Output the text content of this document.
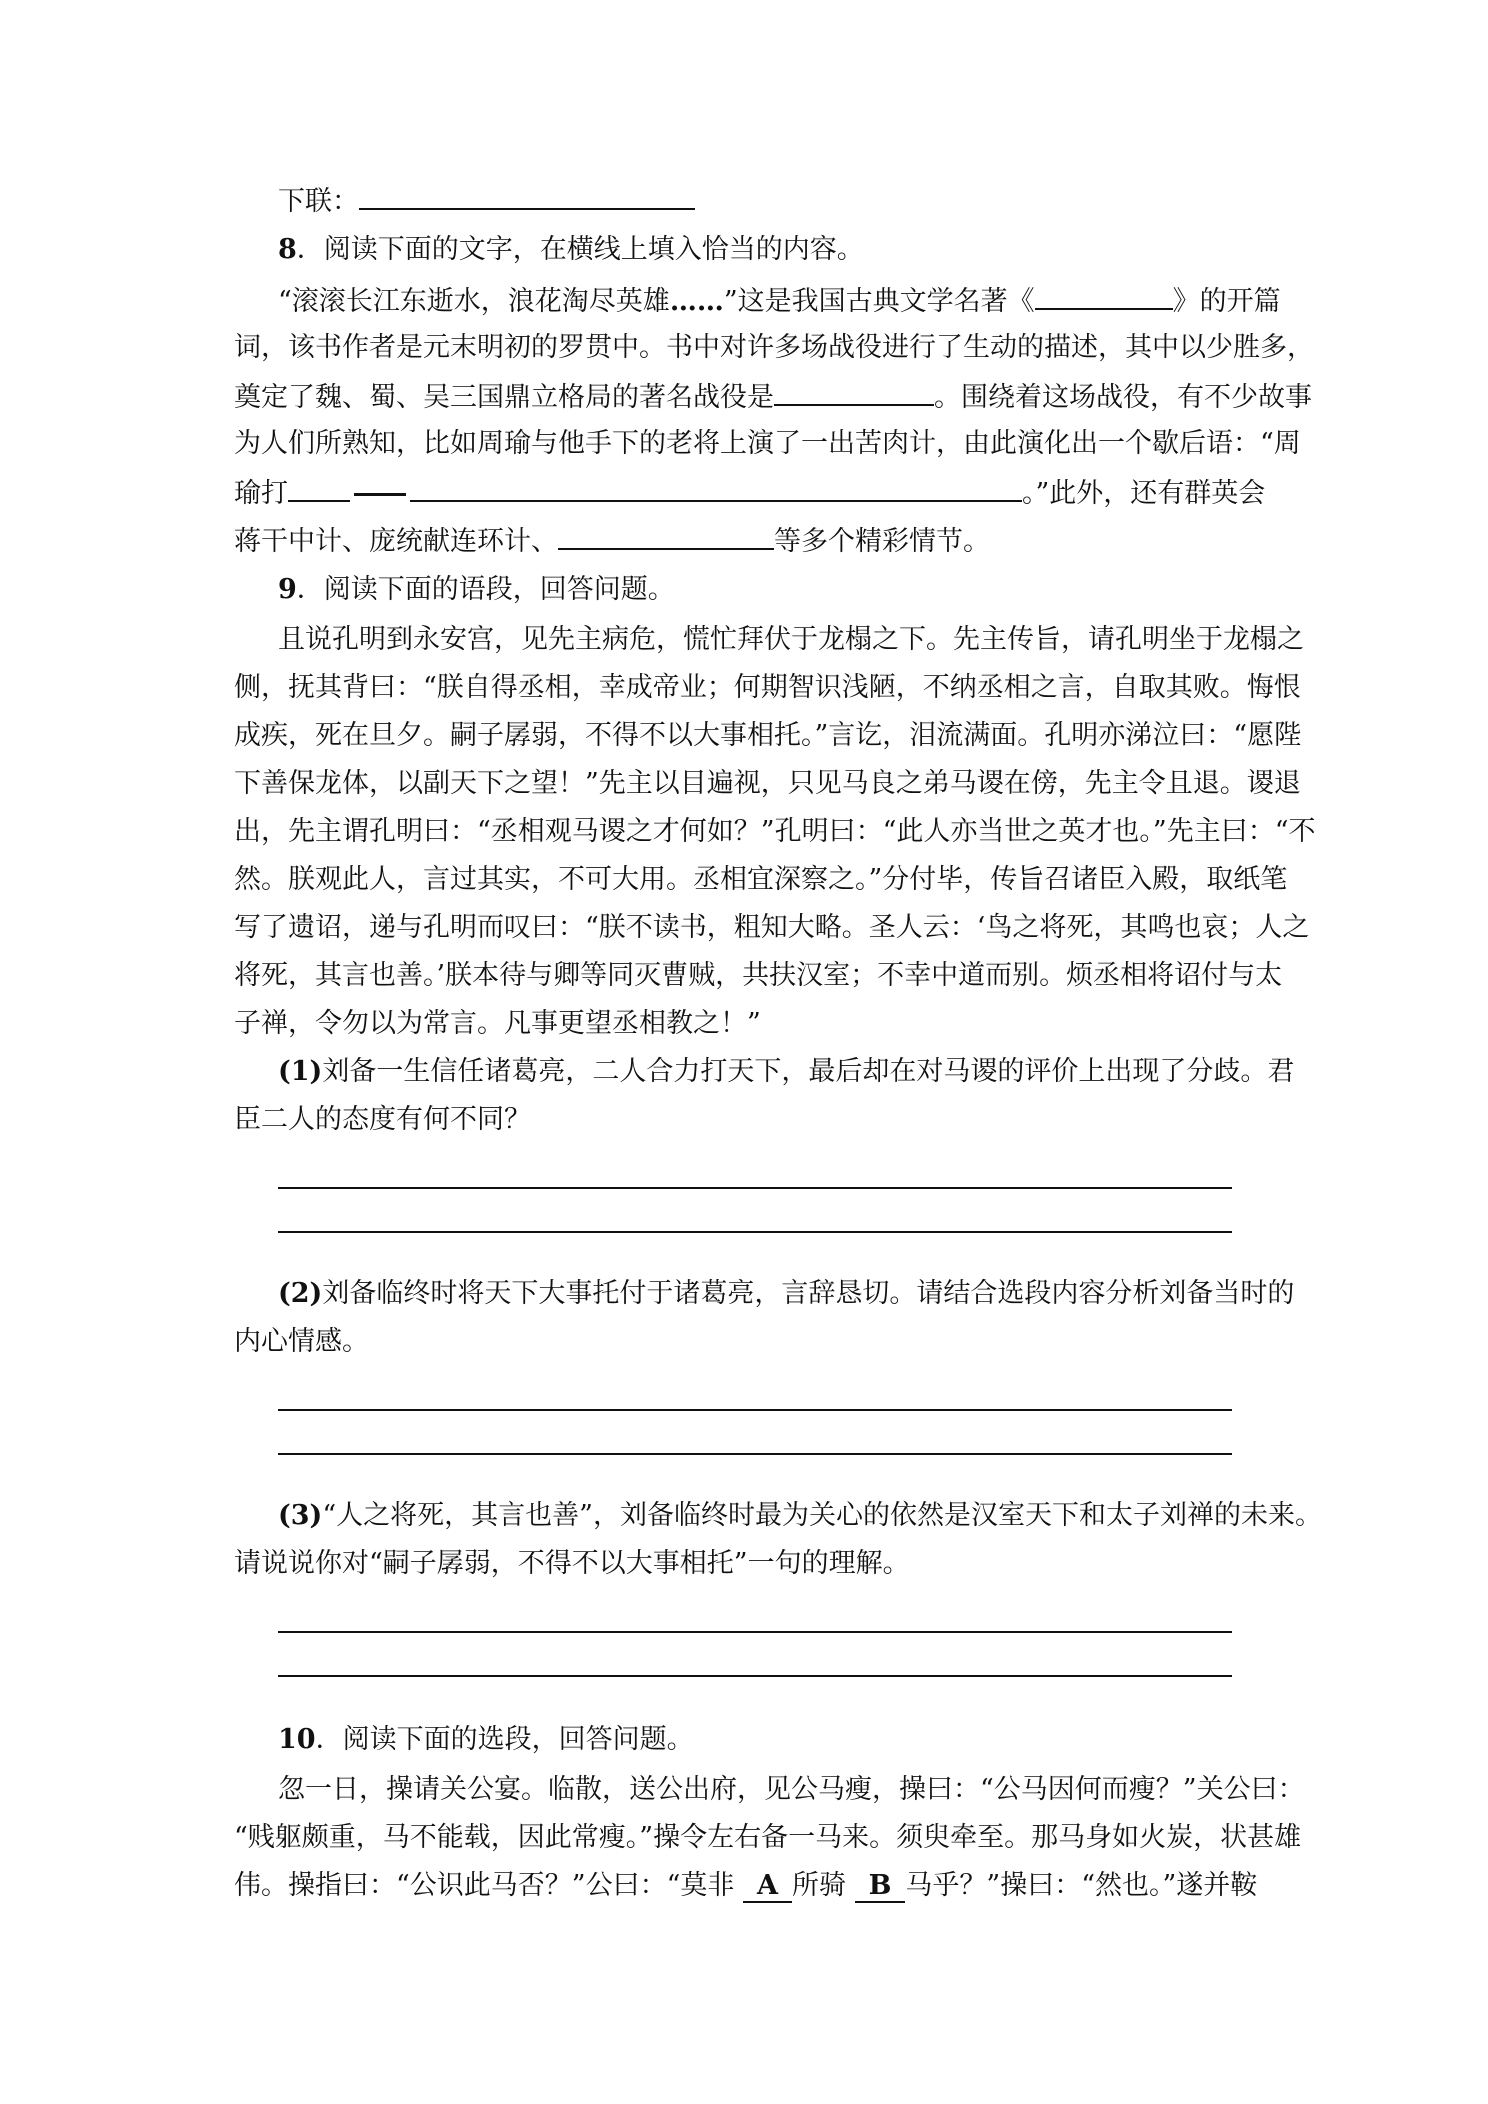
下联：
8．阅读下面的文字，在横线上填入恰当的内容。
“滚滚长江东逝水，浪花淘尽英雄……”这是我国古典文学名著《	》的开篇
词，该书作者是元末明初的罗贯中。书中对许多场战役进行了生动的描述，其中以少胜多，
奠定了魏、蜀、吴三国鼎立格局的著名战役是	。围绕着这场战役，有不少故事
为人们所熟知，比如周瑜与他手下的老将上演了一出苦肉计，由此演化出一个歇后语：“周
瑜打	。”此外，还有群英会
蒋干中计、庞统献连环计、	等多个精彩情节。
9．阅读下面的语段，回答问题。
且说孔明到永安宫，见先主病危，慌忙拜伏于龙榻之下。先主传旨，请孔明坐于龙榻之
侧，抚其背曰：“朕自得丞相，幸成帝业；何期智识浅陋，不纳丞相之言，自取其败。悔恨
成疾，死在旦夕。嗣子孱弱，不得不以大事相托。”言讫，泪流满面。孔明亦涕泣曰：“愿陛
下善保龙体，以副天下之望！”先主以目遍视，只见马良之弟马谡在傍，先主令且退。谡退
出，先主谓孔明曰：“丞相观马谡之才何如？”孔明曰：“此人亦当世之英才也。”先主曰：“不
然。朕观此人，言过其实，不可大用。丞相宜深察之。”分付毕，传旨召诸臣入殿，取纸笔
写了遗诏，递与孔明而叹曰：“朕不读书，粗知大略。圣人云：‘鸟之将死，其鸣也哀；人之
将死，其言也善。’朕本待与卿等同灭曹贼，共扶汉室；不幸中道而别。烦丞相将诏付与太
子禅，令勿以为常言。凡事更望丞相教之！”
(1)刘备一生信任诸葛亮，二人合力打天下，最后却在对马谡的评价上出现了分歧。君
臣二人的态度有何不同？
(2)刘备临终时将天下大事托付于诸葛亮，言辞恳切。请结合选段内容分析刘备当时的
内心情感。
(3)“人之将死，其言也善”，刘备临终时最为关心的依然是汉室天下和太子刘禅的未来。
请说说你对“嗣子孱弱，不得不以大事相托”一句的理解。
10．阅读下面的选段，回答问题。
忽一日，操请关公宴。临散，送公出府，见公马瘦，操曰：“公马因何而瘦？”关公曰：
“贱躯颇重，马不能载，因此常瘦。”操令左右备一马来。须臾牵至。那马身如火炭，状甚雄
伟。操指曰：“公识此马否？”公曰：“莫非 A 所骑 B 马乎？”操曰：“然也。”遂并鞍
